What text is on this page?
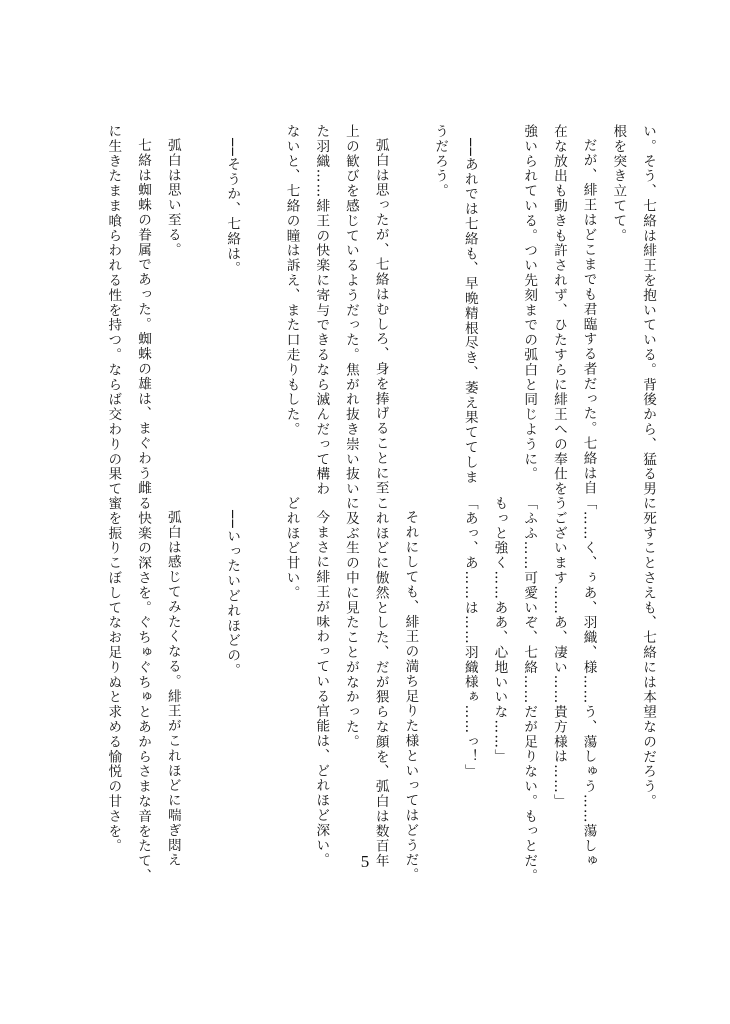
い。そう、七絡は緋王を抱いている。背後から、猛る男
根を突き立てて。
だが、緋王はどこまでも君臨する者だった。七絡は自
在な放出も動きも許されず、ひたすらに緋王への奉仕を
強いられている。つい先刻までの弧白と同じように。

──あれでは七絡も、早晩精根尽き、萎え果ててしま
うだろう。

弧白は思ったが、七絡はむしろ、身を捧げることに至
上の歓びを感じているようだった。焦がれ抜き崇い抜い
た羽織……緋王の快楽に寄与できるなら滅んだって構わ
ないと、七絡の瞳は訴え、また口走りもした。

──そうか、七絡は。

弧白は思い至る。
七絡は蜘蛛の眷属であった。蜘蛛の雄は、まぐわう雌
に生きたまま喰らわれる性を持つ。ならば交わりの果て
に死すことさえも、七絡には本望なのだろう。

「……く、ぅあ、羽織、様……う、蕩しゅう……蕩しゅ
うございます……あ、凄い……貴方様は……」
「ふふ……可愛いぞ、七絡……だが足りない。もっとだ。
もっと強く……ああ、心地いいな……」
「あっ、あ……は……羽織様ぁ……っ！」

それにしても、緋王の満ち足りた様といってはどうだ。
これほどに傲然とした、だが猥らな顔を、弧白は数百年
に及ぶ生の中に見たことがなかった。
今まさに緋王が味わっている官能は、どれほど深い。
どれほど甘い。

──いったいどれほどの。

弧白は感じてみたくなる。緋王がこれほどに喘ぎ悶え
る快楽の深さを。ぐちゅぐちゅとあからさまな音をたて、
蜜を振りこぼしてなお足りぬと求める愉悦の甘さを。
5
